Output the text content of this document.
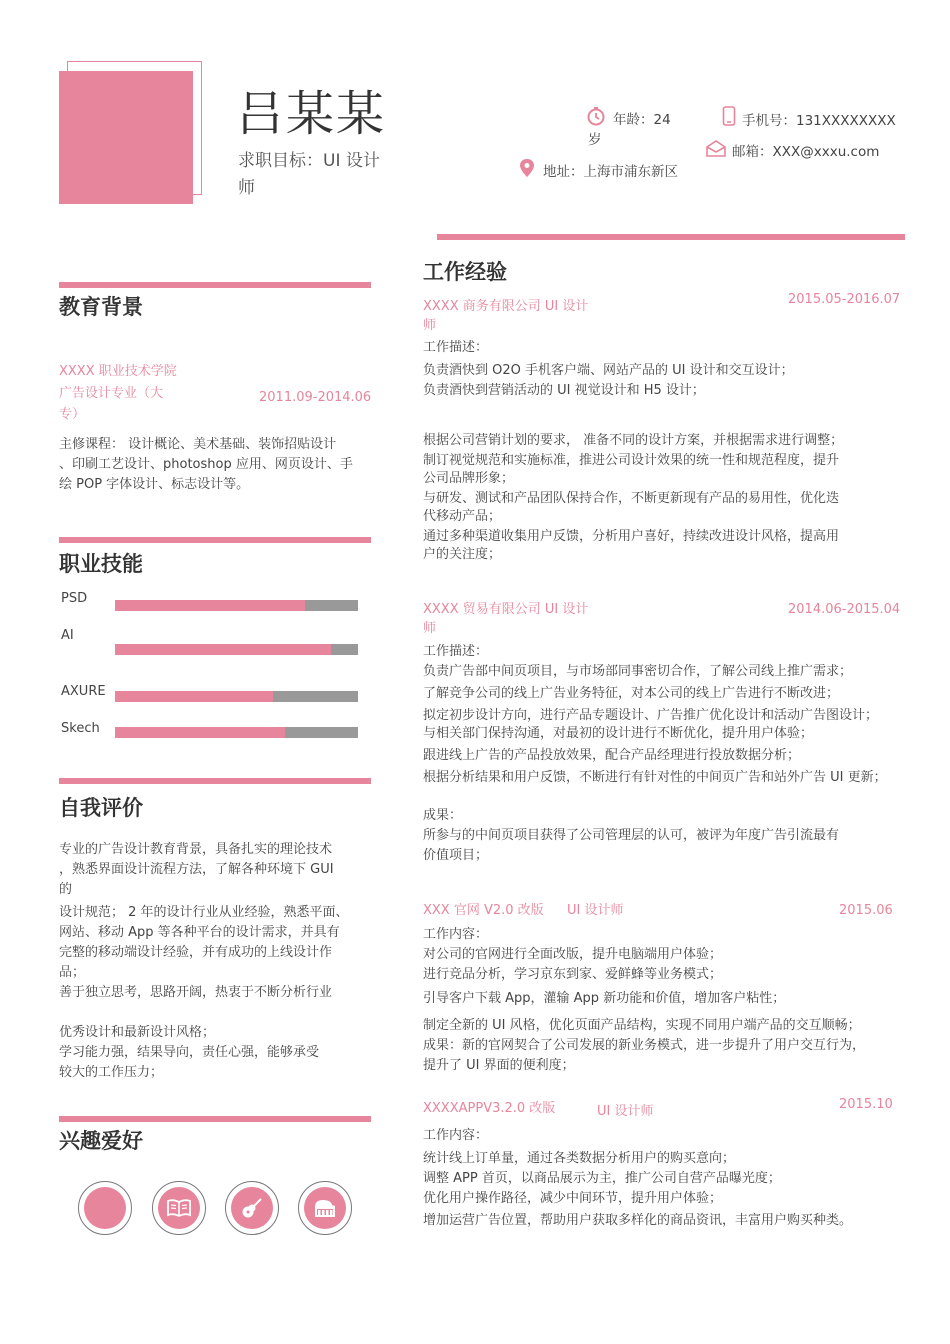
吕某某
求职目标：UI 设计
师
年龄：24
岁
手机号：131XXXXXXXX
邮箱：XXX@xxxu.com
地址：上海市浦东新区
教育背景
XXXX 职业技术学院
广告设计专业（大
专）
2011.09-2014.06
主修课程： 设计概论、美术基础、装饰招贴设计
、印刷工艺设计、photoshop 应用、网页设计、手
绘 POP 字体设计、标志设计等。
职业技能
PSD
AI
AXURE
Skech
自我评价
专业的广告设计教育背景，具备扎实的理论技术
，熟悉界面设计流程方法，了解各种环境下 GUI
的
设计规范； 2 年的设计行业从业经验，熟悉平面、
网站、移动 App 等各种平台的设计需求，并具有
完整的移动端设计经验，并有成功的上线设计作
品；
善于独立思考，思路开阔，热衷于不断分析行业
优秀设计和最新设计风格；
学习能力强，结果导向，责任心强，能够承受
较大的工作压力；
兴趣爱好
工作经验
XXXX 商务有限公司 UI 设计
师
2015.05-2016.07
工作描述：
负责酒快到 O2O 手机客户端、网站产品的 UI 设计和交互设计；
负责酒快到营销活动的 UI 视觉设计和 H5 设计；
根据公司营销计划的要求， 准备不同的设计方案，并根据需求进行调整；
制订视觉规范和实施标准，推进公司设计效果的统一性和规范程度，提升
公司品牌形象；
与研发、测试和产品团队保持合作，不断更新现有产品的易用性，优化迭
代移动产品；
通过多种渠道收集用户反馈，分析用户喜好，持续改进设计风格，提高用
户的关注度；
XXXX 贸易有限公司 UI 设计
师
2014.06-2015.04
工作描述：
负责广告部中间页项目，与市场部同事密切合作，了解公司线上推广需求；
了解竞争公司的线上广告业务特征，对本公司的线上广告进行不断改进；
拟定初步设计方向，进行产品专题设计、广告推广优化设计和活动广告图设计；
与相关部门保持沟通，对最初的设计进行不断优化，提升用户体验；
跟进线上广告的产品投放效果，配合产品经理进行投放数据分析；
根据分析结果和用户反馈，不断进行有针对性的中间页广告和站外广告 UI 更新；
成果：
所参与的中间页项目获得了公司管理层的认可，被评为年度广告引流最有
价值项目；
XXX 官网 V2.0 改版 UI 设计师	2015.06
工作内容：
对公司的官网进行全面改版，提升电脑端用户体验；
进行竞品分析，学习京东到家、爱鲜蜂等业务模式；
引导客户下载 App，灌输 App 新功能和价值，增加客户粘性；
制定全新的 UI 风格，优化页面产品结构，实现不同用户端产品的交互顺畅；
成果：新的官网契合了公司发展的新业务模式，进一步提升了用户交互行为，
提升了 UI 界面的便利度；
XXXXAPPV3.2.0 改版	UI 设计师	2015.10
工作内容：
统计线上订单量，通过各类数据分析用户的购买意向；
调整 APP 首页，以商品展示为主，推广公司自营产品曝光度；
优化用户操作路径，减少中间环节，提升用户体验；
增加运营广告位置，帮助用户获取多样化的商品资讯，丰富用户购买种类。
